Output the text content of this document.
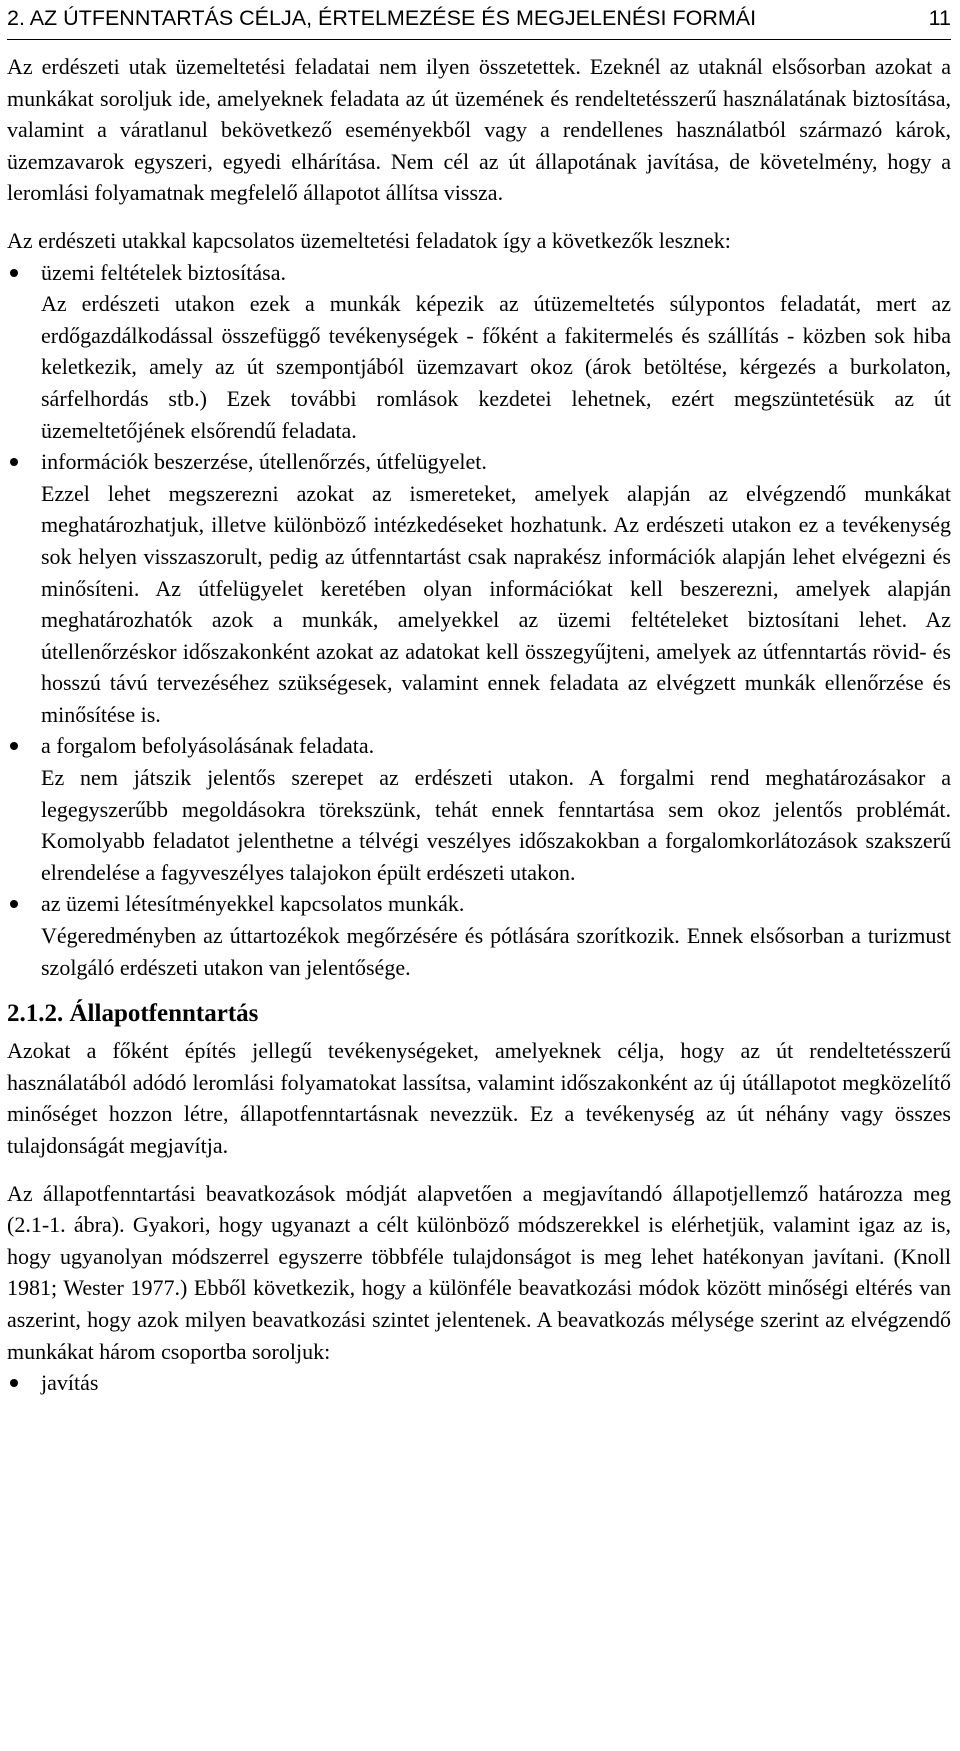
2. AZ ÚTFENNTARTÁS CÉLJA, ÉRTELMEZÉSE ÉS MEGJELENÉSI FORMÁI	11

Az erdészeti utak üzemeltetési feladatai nem ilyen összetettek. Ezeknél az utaknál elsősorban azokat a munkákat soroljuk ide, amelyeknek feladata az út üzemének és rendeltetésszerű használatának biztosítása, valamint a váratlanul bekövetkező eseményekből vagy a rendellenes használatból származó károk, üzemzavarok egyszeri, egyedi elhárítása. Nem cél az út állapotának javítása, de követelmény, hogy a leromlási folyamatnak megfelelő állapotot állítsa vissza.

Az erdészeti utakkal kapcsolatos üzemeltetési feladatok így a következők lesznek:

üzemi feltételek biztosítása.

Az erdészeti utakon ezek a munkák képezik az útüzemeltetés súlypontos feladatát, mert az erdőgazdálkodással összefüggő tevékenységek - főként a fakitermelés és szállítás - közben sok hiba keletkezik, amely az út szempontjából üzemzavart okoz (árok betöltése, kérgezés a burkolaton, sárfelhordás stb.) Ezek további romlások kezdetei lehetnek, ezért megszüntetésük az út üzemeltetőjének elsőrendű feladata.

információk beszerzése, útellenőrzés, útfelügyelet.

Ezzel lehet megszerezni azokat az ismereteket, amelyek alapján az elvégzendő munkákat meghatározhatjuk, illetve különböző intézkedéseket hozhatunk. Az erdészeti utakon ez a tevékenység sok helyen visszaszorult, pedig az útfenntartást csak naprakész információk alapján lehet elvégezni és minősíteni. Az útfelügyelet keretében olyan információkat kell beszerezni, amelyek alapján meghatározhatók azok a munkák, amelyekkel az üzemi feltételeket biztosítani lehet. Az útellenőrzéskor időszakonként azokat az adatokat kell összegyűjteni, amelyek az útfenntartás rövid- és hosszú távú tervezéséhez szükségesek, valamint ennek feladata az elvégzett munkák ellenőrzése és minősítése is.

a forgalom befolyásolásának feladata.

Ez nem játszik jelentős szerepet az erdészeti utakon. A forgalmi rend meghatározásakor a legegyszerűbb megoldásokra törekszünk, tehát ennek fenntartása sem okoz jelentős problémát. Komolyabb feladatot jelenthetne a télvégi veszélyes időszakokban a forgalomkorlátozások szakszerű elrendelése a fagyveszélyes talajokon épült erdészeti utakon.

az üzemi létesítményekkel kapcsolatos munkák.

Végeredményben az úttartozékok megőrzésére és pótlására szorítkozik. Ennek elsősorban a turizmust szolgáló erdészeti utakon van jelentősége.

2.1.2. Állapotfenntartás

Azokat a főként építés jellegű tevékenységeket, amelyeknek célja, hogy az út rendeltetésszerű használatából adódó leromlási folyamatokat lassítsa, valamint időszakonként az új útállapotot megközelítő minőséget hozzon létre, állapotfenntartásnak nevezzük. Ez a tevékenység az út néhány vagy összes tulajdonságát megjavítja.

Az állapotfenntartási beavatkozások módját alapvetően a megjavítandó állapotjellemző határozza meg (2.1-1. ábra). Gyakori, hogy ugyanazt a célt különböző módszerekkel is elérhetjük, valamint igaz az is, hogy ugyanolyan módszerrel egyszerre többféle tulajdonságot is meg lehet hatékonyan javítani. (Knoll 1981; Wester 1977.) Ebből következik, hogy a különféle beavatkozási módok között minőségi eltérés van aszerint, hogy azok milyen beavatkozási szintet jelentenek. A beavatkozás mélysége szerint az elvégzendő munkákat három csoportba soroljuk:

javítás
